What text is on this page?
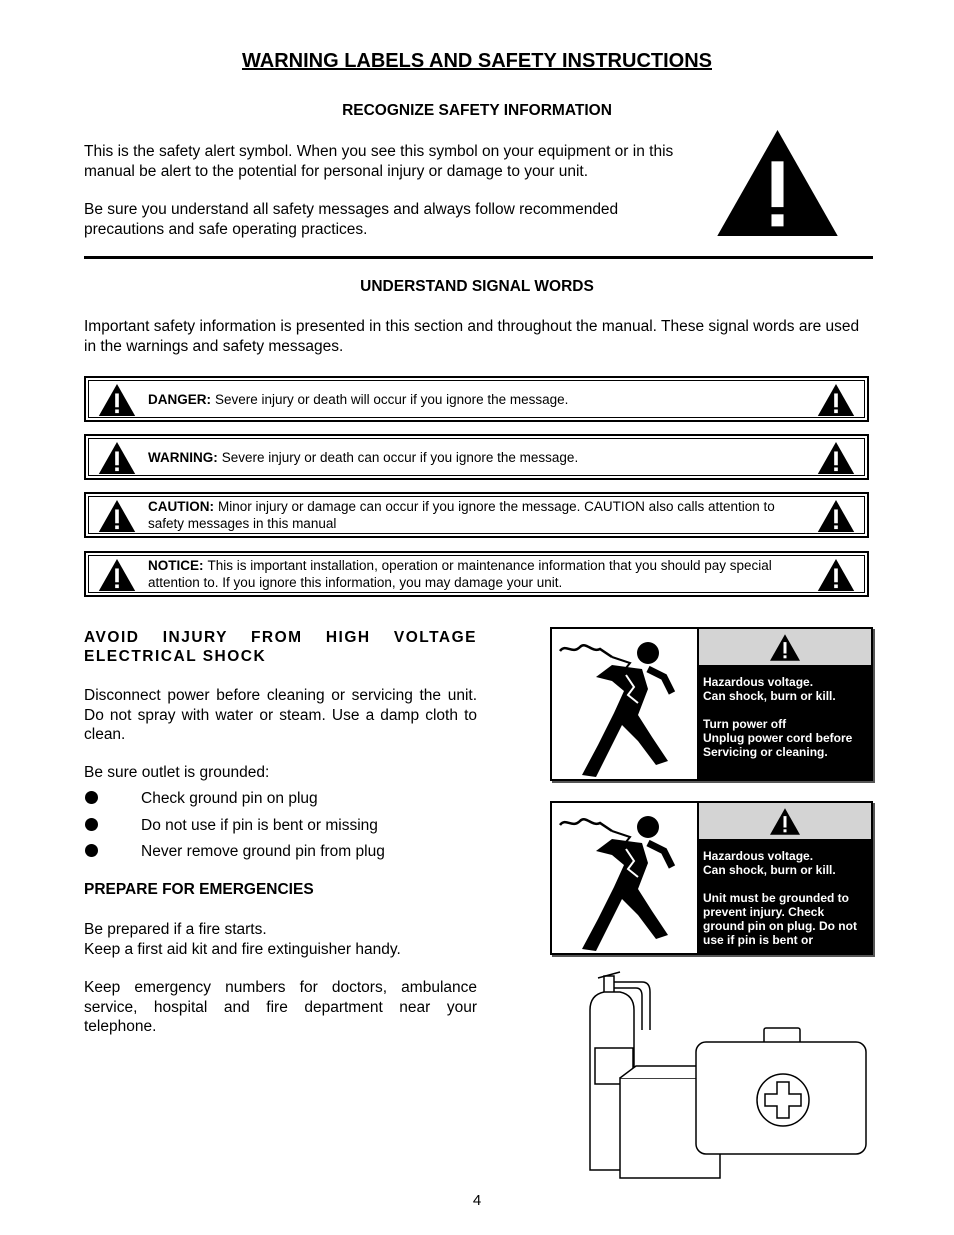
WARNING LABELS AND SAFETY INSTRUCTIONS
RECOGNIZE SAFETY INFORMATION

This is the safety alert symbol. When you see this symbol on your equipment or in this manual be alert to the potential for personal injury or damage to your unit.

Be sure you understand all safety messages and always follow recommended precautions and safe operating practices.

UNDERSTAND SIGNAL WORDS

Important safety information is presented in this section and throughout the manual. These signal words are used in the warnings and safety messages.

DANGER: Severe injury or death will occur if you ignore the message.
WARNING: Severe injury or death can occur if you ignore the message.
CAUTION: Minor injury or damage can occur if you ignore the message. CAUTION also calls attention to safety messages in this manual
NOTICE: This is important installation, operation or maintenance information that you should pay special attention to. If you ignore this information, you may damage your unit.
AVOID INJURY FROM HIGH VOLTAGE ELECTRICAL SHOCK

Disconnect power before cleaning or servicing the unit. Do not spray with water or steam. Use a damp cloth to clean.

Be sure outlet is grounded:

Check ground pin on plug
Do not use if pin is bent or missing
Never remove ground pin from plug
PREPARE FOR EMERGENCIES

Be prepared if a fire starts.

Keep a first aid kit and fire extinguisher handy.

Keep emergency numbers for doctors, ambulance service, hospital and fire department near your telephone.

Hazardous voltage.
Can shock, burn or kill.

Turn power off
Unplug power cord before
Servicing or cleaning.

Hazardous voltage.
Can shock, burn or kill.

Unit must be grounded to
prevent injury. Check
ground pin on plug. Do not
use if pin is bent or

4
